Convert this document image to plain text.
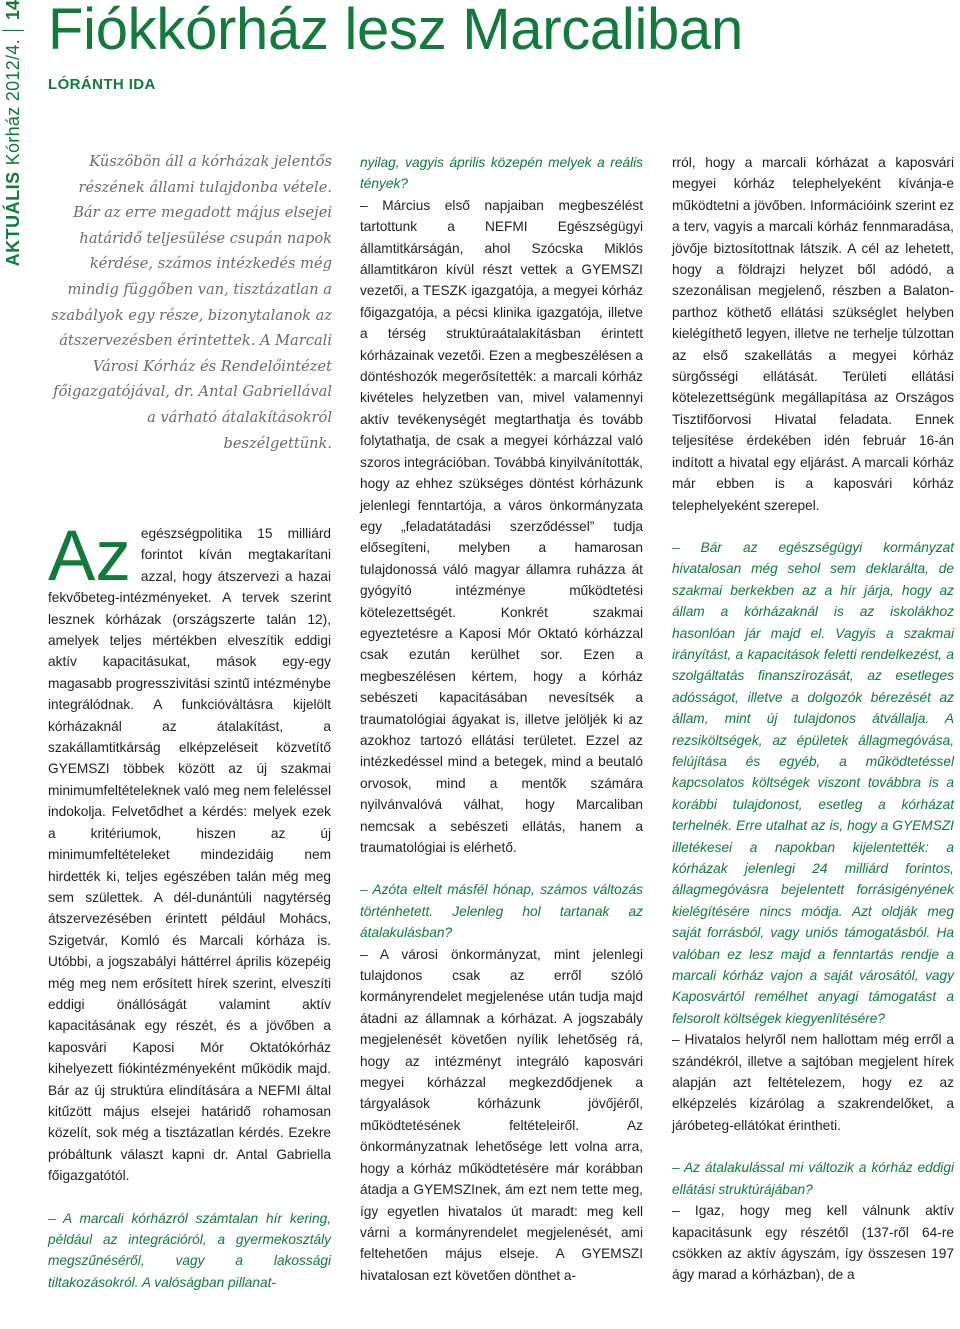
AKTUÁLIS
Kórház 2012/4.
14 Fiókkórház lesz Marcaliban
LÓRÁNTH IDA

Küszöbön áll a kórházak jelentős részének állami tulajdonba vétele. Bár az erre megadott május elsejei határidő teljesülése csupán napok kérdése, számos intézkedés még mindig függőben van, tisztázatlan a szabályok egy része, bizonytalanok az átszervezésben érintettek. A Marcali Városi Kórház és Rendelőintézet főigazgatójával, dr. Antal Gabriellával a várható átalakításokról beszélgettünk.

Az egészségpolitika 15 milliárd forintot kíván megtakarítani azzal, hogy átszervezi a hazai fekvőbeteg-intézményeket. A tervek szerint lesznek kórházak (országszerte talán 12), amelyek teljes mértékben elveszítik eddigi aktív kapacitásukat, mások egy-egy magasabb progresszivitási szintű intézménybe integrálódnak. A funkcióváltásra kijelölt kórházaknál az átalakítást, a szakállamtitkárság elképzeléseit közvetítő GYEMSZI többek között az új szakmai minimumfeltételeknek való meg nem feleléssel indokolja. Felvetődhet a kérdés: melyek ezek a kritériumok, hiszen az új minimumfeltételeket mindezidáig nem hirdették ki, teljes egészében talán még meg sem születtek. A dél-dunántúli nagytérség átszervezésében érintett például Mohács, Szigetvár, Komló és Marcali kórháza is. Utóbbi, a jogszabályi háttérrel április közepéig még meg nem erősített hírek szerint, elveszíti eddigi önállóságát valamint aktív kapacitásának egy részét, és a jövőben a kaposvári Kaposi Mór Oktatókórház kihelyezett fiókintézményeként működik majd. Bár az új struktúra elindítására a NEFMI által kitűzött május elsejei határidő rohamosan közelít, sok még a tisztázatlan kérdés. Ezekre próbáltunk választ kapni dr. Antal Gabriella főigazgatótól.

– A marcali kórházról számtalan hír kering, például az integrációról, a gyermekosztály megszűnéséről, vagy a lakossági tiltakozásokról. A valóságban pillanat-

nyilag, vagyis április közepén melyek a reális tények?

– Március első napjaiban megbeszélést tartottunk a NEFMI Egészségügyi államtitkárságán, ahol Szócska Miklós államtitkáron kívül részt vettek a GYEMSZI vezetői, a TESZK igazgatója, a megyei kórház főigazgatója, a pécsi klinika igazgatója, illetve a térség struktúraátalakításban érintett kórházainak vezetői. Ezen a megbeszélésen a döntéshozók megerősítették: a marcali kórház kivételes helyzetben van, mivel valamennyi aktív tevékenységét megtarthatja és tovább folytathatja, de csak a megyei kórházzal való szoros integrációban. Továbbá kinyilvánították, hogy az ehhez szükséges döntést kórházunk jelenlegi fenntartója, a város önkormányzata egy „feladatátadási szerződéssel” tudja elősegíteni, melyben a hamarosan tulajdonossá váló magyar államra ruházza át gyógyító intézménye működtetési kötelezettségét. Konkrét szakmai egyeztetésre a Kaposi Mór Oktató kórházzal csak ezután kerülhet sor. Ezen a megbeszélésen kértem, hogy a kórház sebészeti kapacitásában nevesítsék a traumatológiai ágyakat is, illetve jelöljék ki az azokhoz tartozó ellátási területet. Ezzel az intézkedéssel mind a betegek, mind a beutaló orvosok, mind a mentők számára nyilvánvalóvá válhat, hogy Marcaliban nemcsak a sebészeti ellátás, hanem a traumatológiai is elérhető.

– Azóta eltelt másfél hónap, számos változás történhetett. Jelenleg hol tartanak az átalakulásban?

– A városi önkormányzat, mint jelenlegi tulajdonos csak az erről szóló kormányrendelet megjelenése után tudja majd átadni az államnak a kórházat. A jogszabály megjelenését követően nyílik lehetőség rá, hogy az intézményt integráló kaposvári megyei kórházzal megkezdődjenek a tárgyalások kórházunk jövőjéről, működtetésének feltételeiről. Az önkormányzatnak lehetősége lett volna arra, hogy a kórház működtetésére már korábban átadja a GYEMSZInek, ám ezt nem tette meg, így egyetlen hivatalos út maradt: meg kell várni a kormányrendelet megjelenését, ami feltehetően május elseje. A GYEMSZI hivatalosan ezt követően dönthet a-

rról, hogy a marcali kórházat a kaposvári megyei kórház telephelyeként kívánja-e működtetni a jövőben. Információink szerint ez a terv, vagyis a marcali kórház fennmaradása, jövője biztosítottnak látszik. A cél az lehetett, hogy a földrajzi helyzet ből adódó, a szezonálisan megjelenő, részben a Balaton-parthoz köthető ellátási szükséglet helyben kielégíthető legyen, illetve ne terhelje túlzottan az első szakellátás a megyei kórház sürgősségi ellátását. Területi ellátási kötelezettségünk megállapítása az Országos Tisztifőorvosi Hivatal feladata. Ennek teljesítése érdekében idén február 16-án indított a hivatal egy eljárást. A marcali kórház már ebben is a kaposvári kórház telephelyeként szerepel.

– Bár az egészségügyi kormányzat hivatalosan még sehol sem deklarálta, de szakmai berkekben az a hír járja, hogy az állam a kórházaknál is az iskolákhoz hasonlóan jár majd el. Vagyis a szakmai irányítást, a kapacitások feletti rendelkezést, a szolgáltatás finanszírozását, az esetleges adósságot, illetve a dolgozók bérezését az állam, mint új tulajdonos átvállalja. A rezsiköltségek, az épületek állagmegóvása, felújítása és egyéb, a működtetéssel kapcsolatos költségek viszont továbbra is a korábbi tulajdonost, esetleg a kórházat terhelnék. Erre utalhat az is, hogy a GYEMSZI illetékesei a napokban kijelentették: a kórházak jelenlegi 24 milliárd forintos, állagmegóvásra bejelentett forrásigényének kielégítésére nincs módja. Azt oldják meg saját forrásból, vagy uniós támogatásból. Ha valóban ez lesz majd a fenntartás rendje a marcali kórház vajon a saját városától, vagy Kaposvártól remélhet anyagi támogatást a felsorolt költségek kiegyenlítésére?

– Hivatalos helyről nem hallottam még erről a szándékról, illetve a sajtóban megjelent hírek alapján azt feltételezem, hogy ez az elképzelés kizárólag a szakrendelőket, a járóbeteg-ellátókat érintheti.

– Az átalakulással mi változik a kórház eddigi ellátási struktúrájában?

– Igaz, hogy meg kell válnunk aktív kapacitásunk egy részétől (137-ről 64-re csökken az aktív ágyszám, így összesen 197 ágy marad a kórházban), de a
